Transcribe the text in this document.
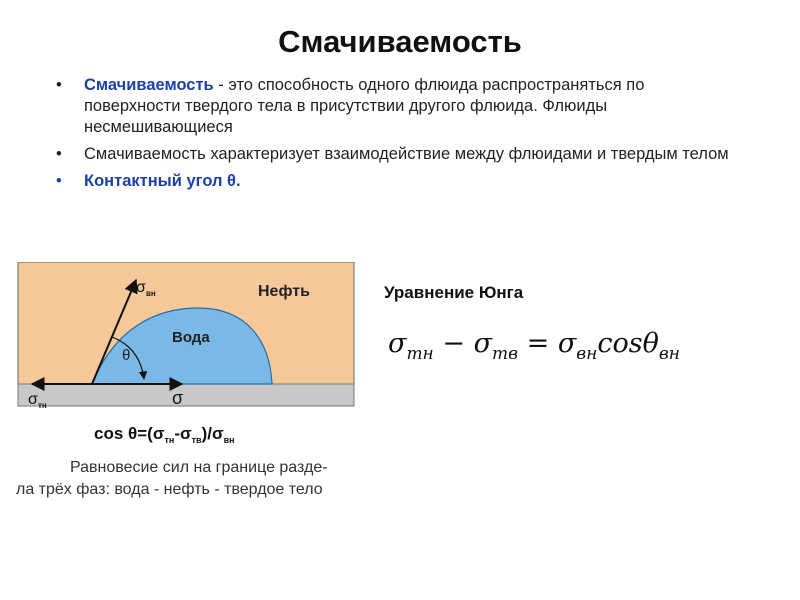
Смачиваемость
• Смачиваемость - это способность одного флюида распространяться по поверхности твердого тела в присутствии другого флюида. Флюиды несмешивающиеся
• Смачиваемость характеризует взаимодействие между флюидами и твердым телом
• Контактный угол θ.
Нефть
Вода
θ
σ вн
σ тн	σ
$\cos \theta=(\sigma_{тн}-\sigma_{тв})/\sigma_{вн}$
Равновесие сил на границе разде-
ла трёх фаз: вода - нефть - твердое тело
Уравнение Юнга
$\sigma_{тн} - \sigma_{тв} = \sigma_{вн}\cos\theta_{вн}$
